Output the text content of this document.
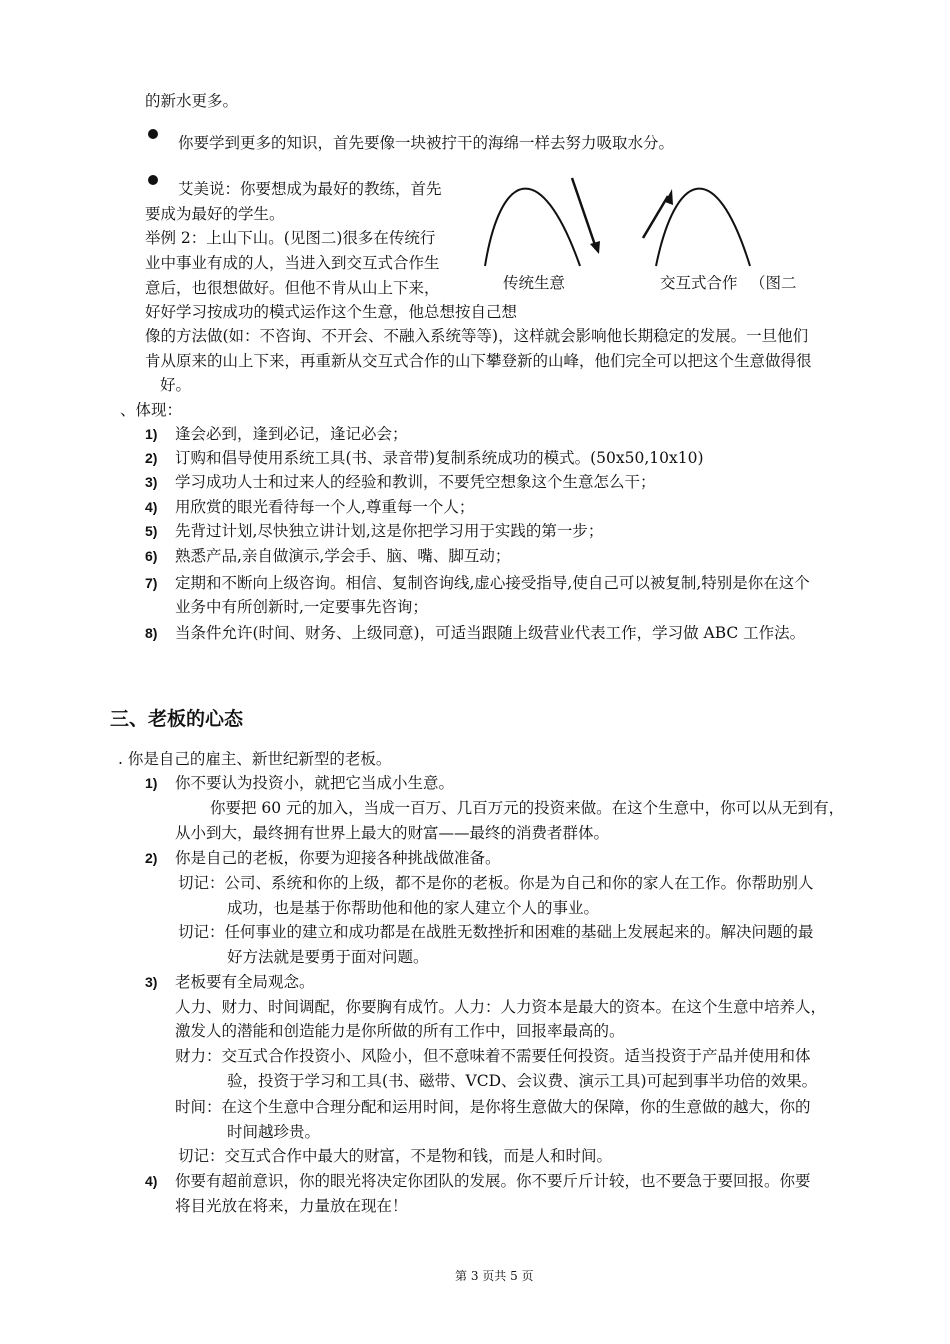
的新水更多。
你要学到更多的知识，首先要像一块被拧干的海绵一样去努力吸取水分。
艾美说：你要想成为最好的教练，首先
要成为最好的学生。
举例 2：上山下山。(见图二)很多在传统行
业中事业有成的人，当进入到交互式合作生
意后，也很想做好。但他不肯从山上下来，
好好学习按成功的模式运作这个生意，他总想按自己想
像的方法做(如：不咨询、不开会、不融入系统等等)，这样就会影响他长期稳定的发展。一旦他们
肯从原来的山上下来，再重新从交互式合作的山下攀登新的山峰，他们完全可以把这个生意做得很
好。
传统生意	交互式合作 （图二
、体现：
1) 逢会必到，逢到必记，逢记必会；
2) 订购和倡导使用系统工具(书、录音带)复制系统成功的模式。(50x50,10x10)
3) 学习成功人士和过来人的经验和教训，不要凭空想象这个生意怎么干；
4) 用欣赏的眼光看待每一个人,尊重每一个人；
5) 先背过计划,尽快独立讲计划,这是你把学习用于实践的第一步；
6) 熟悉产品,亲自做演示,学会手、脑、嘴、脚互动；
7) 定期和不断向上级咨询。相信、复制咨询线,虚心接受指导,使自己可以被复制,特别是你在这个
业务中有所创新时,一定要事先咨询；
8) 当条件允许(时间、财务、上级同意)，可适当跟随上级营业代表工作，学习做 ABC 工作法。
三、老板的心态
. 你是自己的雇主、新世纪新型的老板。
1) 你不要认为投资小，就把它当成小生意。
你要把 60 元的加入，当成一百万、几百万元的投资来做。在这个生意中，你可以从无到有，
从小到大，最终拥有世界上最大的财富——最终的消费者群体。
2) 你是自己的老板，你要为迎接各种挑战做准备。
切记：公司、系统和你的上级，都不是你的老板。你是为自己和你的家人在工作。你帮助别人
成功，也是基于你帮助他和他的家人建立个人的事业。
切记：任何事业的建立和成功都是在战胜无数挫折和困难的基础上发展起来的。解决问题的最
好方法就是要勇于面对问题。
3) 老板要有全局观念。
人力、财力、时间调配，你要胸有成竹。人力：人力资本是最大的资本。在这个生意中培养人，
激发人的潜能和创造能力是你所做的所有工作中，回报率最高的。
财力：交互式合作投资小、风险小，但不意味着不需要任何投资。适当投资于产品并使用和体
验，投资于学习和工具(书、磁带、VCD、会议费、演示工具)可起到事半功倍的效果。
时间：在这个生意中合理分配和运用时间，是你将生意做大的保障，你的生意做的越大，你的
时间越珍贵。
切记：交互式合作中最大的财富，不是物和钱，而是人和时间。
4) 你要有超前意识，你的眼光将决定你团队的发展。你不要斤斤计较，也不要急于要回报。你要
将目光放在将来，力量放在现在！
第 3 页共 5 页
